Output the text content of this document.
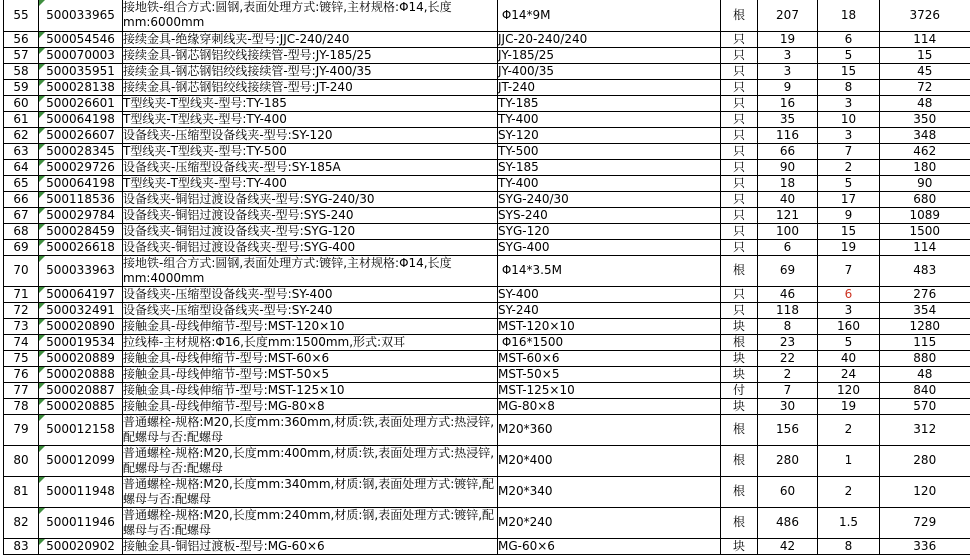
55	500033965	接地铁-组合方式:圆钢,表面处理方式:镀锌,主材规格:Φ14,长度mm:6000mm	Φ14*9M	根	207	18	3726
56	500054546	接续金具-绝缘穿刺线夹-型号:JJC-240/240	JJC-20-240/240	只	19	6	114
57	500070003	接续金具-钢芯钢铝绞线接续管-型号:JY-185/25	JY-185/25	只	3	5	15
58	500035951	接续金具-钢芯钢铝绞线接续管-型号:JY-400/35	JY-400/35	只	3	15	45
59	500028138	接续金具-钢芯钢铝绞线接续管-型号:JT-240	JT-240	只	9	8	72
60	500026601	T型线夹-T型线夹-型号:TY-185	TY-185	只	16	3	48
61	500064198	T型线夹-T型线夹-型号:TY-400	TY-400	只	35	10	350
62	500026607	设备线夹-压缩型设备线夹-型号:SY-120	SY-120	只	116	3	348
63	500028345	T型线夹-T型线夹-型号:TY-500	TY-500	只	66	7	462
64	500029726	设备线夹-压缩型设备线夹-型号:SY-185A	SY-185	只	90	2	180
65	500064198	T型线夹-T型线夹-型号:TY-400	TY-400	只	18	5	90
66	500118536	设备线夹-铜铝过渡设备线夹-型号:SYG-240/30	SYG-240/30	只	40	17	680
67	500029784	设备线夹-铜铝过渡设备线夹-型号:SYS-240	SYS-240	只	121	9	1089
68	500028459	设备线夹-铜铝过渡设备线夹-型号:SYG-120	SYG-120	只	100	15	1500
69	500026618	设备线夹-铜铝过渡设备线夹-型号:SYG-400	SYG-400	只	6	19	114
70	500033963	接地铁-组合方式:圆钢,表面处理方式:镀锌,主材规格:Φ14,长度mm:4000mm	Φ14*3.5M	根	69	7	483
71	500064197	设备线夹-压缩型设备线夹-型号:SY-400	SY-400	只	46	6	276
72	500032491	设备线夹-压缩型设备线夹-型号:SY-240	SY-240	只	118	3	354
73	500020890	接触金具-母线伸缩节-型号:MST-120×10	MST-120×10	块	8	160	1280
74	500019534	拉线棒-主材规格:Φ16,长度mm:1500mm,形式:双耳	Φ16*1500	根	23	5	115
75	500020889	接触金具-母线伸缩节-型号:MST-60×6	MST-60×6	块	22	40	880
76	500020888	接触金具-母线伸缩节-型号:MST-50×5	MST-50×5	块	2	24	48
77	500020887	接触金具-母线伸缩节-型号:MST-125×10	MST-125×10	付	7	120	840
78	500020885	接触金具-母线伸缩节-型号:MG-80×8	MG-80×8	块	30	19	570
79	500012158	普通螺栓-规格:M20,长度mm:360mm,材质:铁,表面处理方式:热浸锌,配螺母与否:配螺母	M20*360	根	156	2	312
80	500012099	普通螺栓-规格:M20,长度mm:400mm,材质:铁,表面处理方式:热浸锌,配螺母与否:配螺母	M20*400	根	280	1	280
81	500011948	普通螺栓-规格:M20,长度mm:340mm,材质:钢,表面处理方式:镀锌,配螺母与否:配螺母	M20*340	根	60	2	120
82	500011946	普通螺栓-规格:M20,长度mm:240mm,材质:钢,表面处理方式:镀锌,配螺母与否:配螺母	M20*240	根	486	1.5	729
83	500020902	接触金具-铜铝过渡板-型号:MG-60×6	MG-60×6	块	42	8	336
